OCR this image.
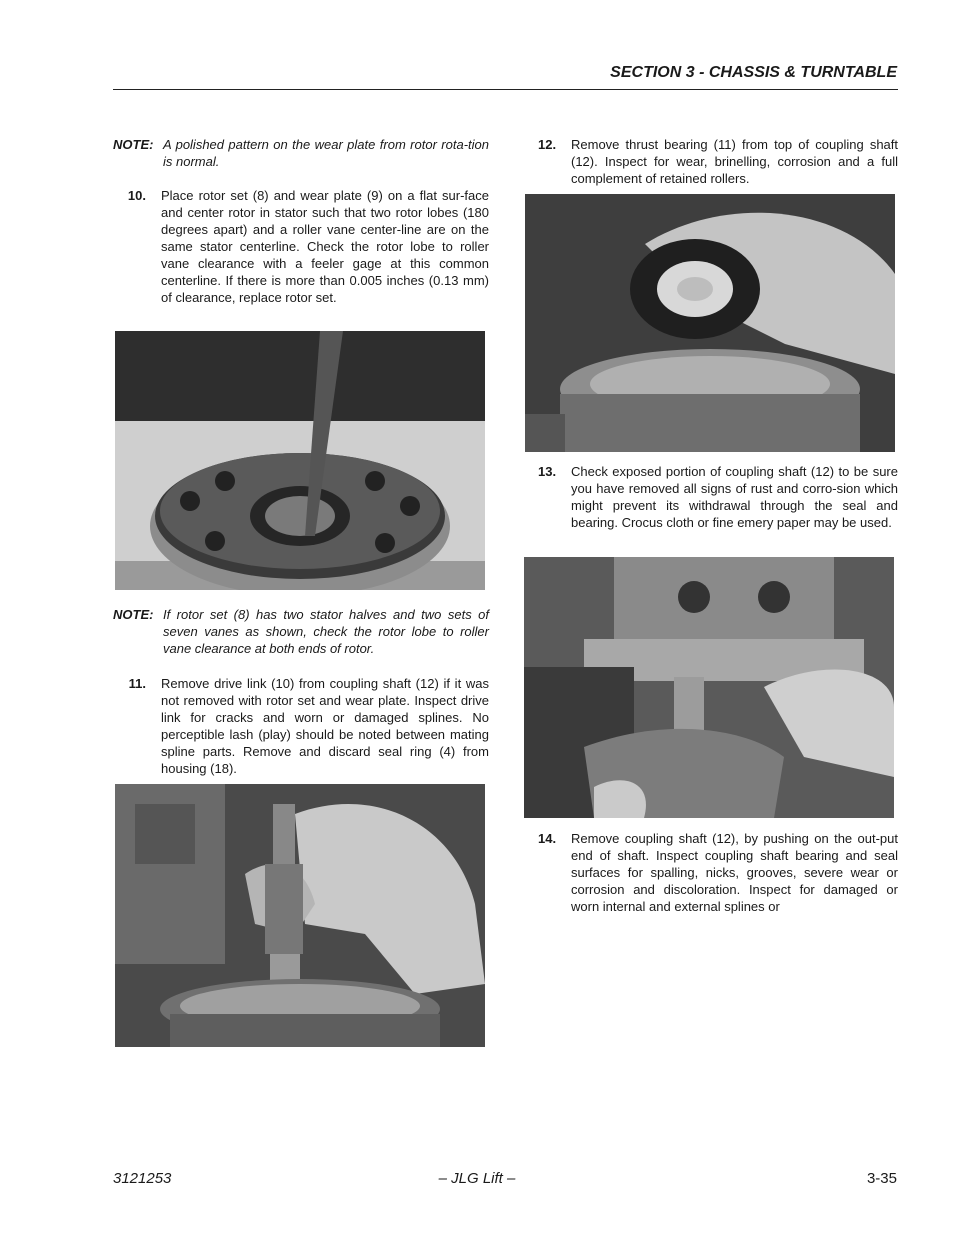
SECTION 3 - CHASSIS & TURNTABLE
NOTE: A polished pattern on the wear plate from rotor rota-tion is normal.
10.	Place rotor set (8) and wear plate (9) on a flat sur-face and center rotor in stator such that two rotor lobes (180 degrees apart) and a roller vane center-line are on the same stator centerline. Check the rotor lobe to roller vane clearance with a feeler gage at this common centerline. If there is more than 0.005 inches (0.13 mm) of clearance, replace rotor set.
NOTE: If rotor set (8) has two stator halves and two sets of seven vanes as shown, check the rotor lobe to roller vane clearance at both ends of rotor.
11.	Remove drive link (10) from coupling shaft (12) if it was not removed with rotor set and wear plate. Inspect drive link for cracks and worn or damaged splines. No perceptible lash (play) should be noted between mating spline parts. Remove and discard seal ring (4) from housing (18).
12.	Remove thrust bearing (11) from top of coupling shaft (12). Inspect for wear, brinelling, corrosion and a full complement of retained rollers.
13.	Check exposed portion of coupling shaft (12) to be sure you have removed all signs of rust and corro-sion which might prevent its withdrawal through the seal and bearing. Crocus cloth or fine emery paper may be used.
14.	Remove coupling shaft (12), by pushing on the out-put end of shaft. Inspect coupling shaft bearing and seal surfaces for spalling, nicks, grooves, severe wear or corrosion and discoloration. Inspect for damaged or worn internal and external splines or
3121253	– JLG Lift –	3-35
